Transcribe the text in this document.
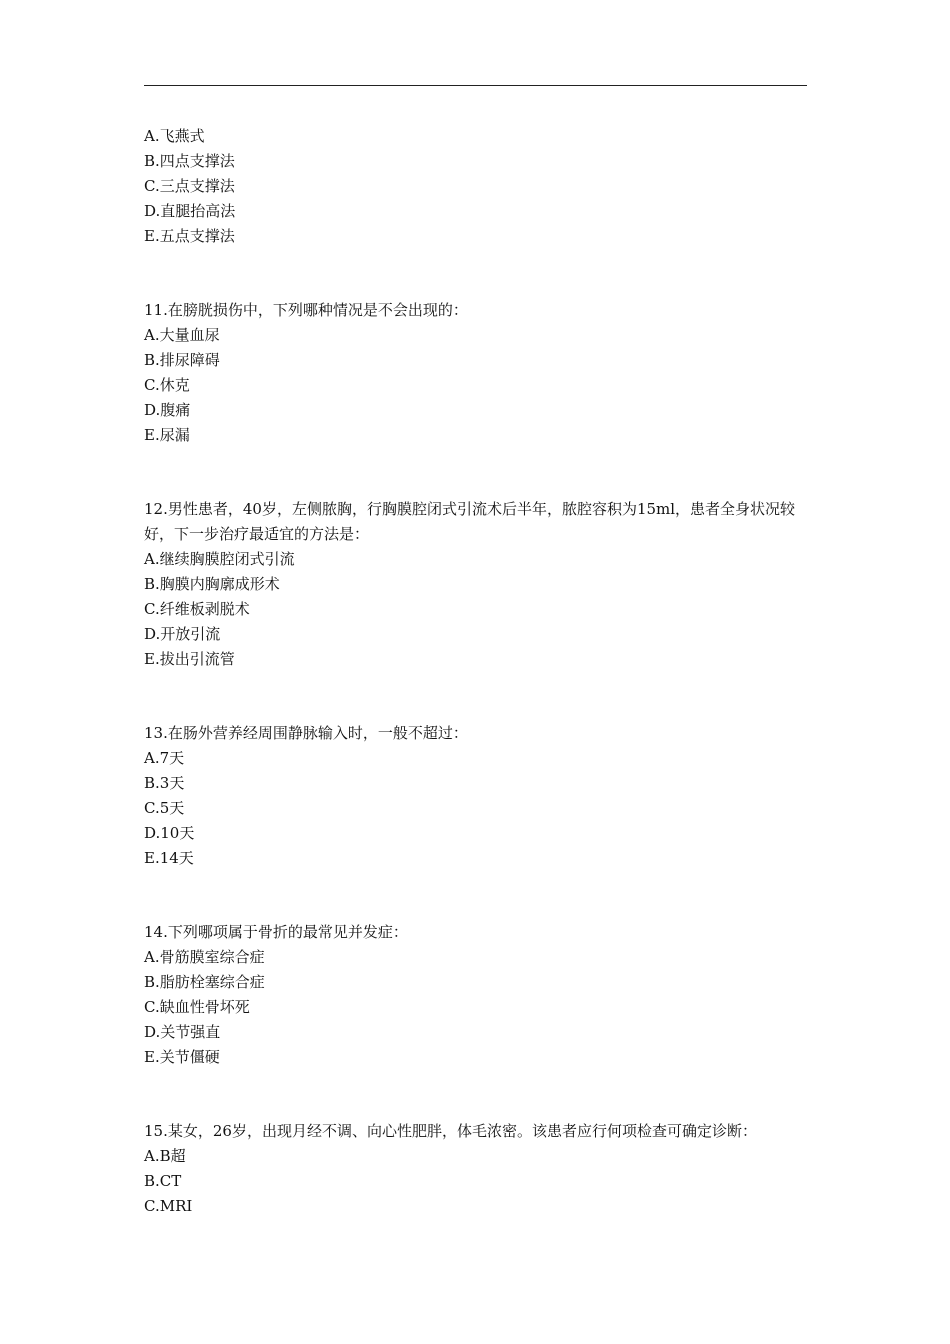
A.飞燕式
B.四点支撑法
C.三点支撑法
D.直腿抬高法
E.五点支撑法
11.在膀胱损伤中，下列哪种情况是不会出现的：
A.大量血尿
B.排尿障碍
C.休克
D.腹痛
E.尿漏
12.男性患者，40岁，左侧脓胸，行胸膜腔闭式引流术后半年，脓腔容积为15ml，患者全身状况较好，下一步治疗最适宜的方法是：
A.继续胸膜腔闭式引流
B.胸膜内胸廓成形术
C.纤维板剥脱术
D.开放引流
E.拔出引流管
13.在肠外营养经周围静脉输入时，一般不超过：
A.7天
B.3天
C.5天
D.10天
E.14天
14.下列哪项属于骨折的最常见并发症：
A.骨筋膜室综合症
B.脂肪栓塞综合症
C.缺血性骨坏死
D.关节强直
E.关节僵硬
15.某女，26岁，出现月经不调、向心性肥胖，体毛浓密。该患者应行何项检查可确定诊断：
A.B超
B.CT
C.MRI
